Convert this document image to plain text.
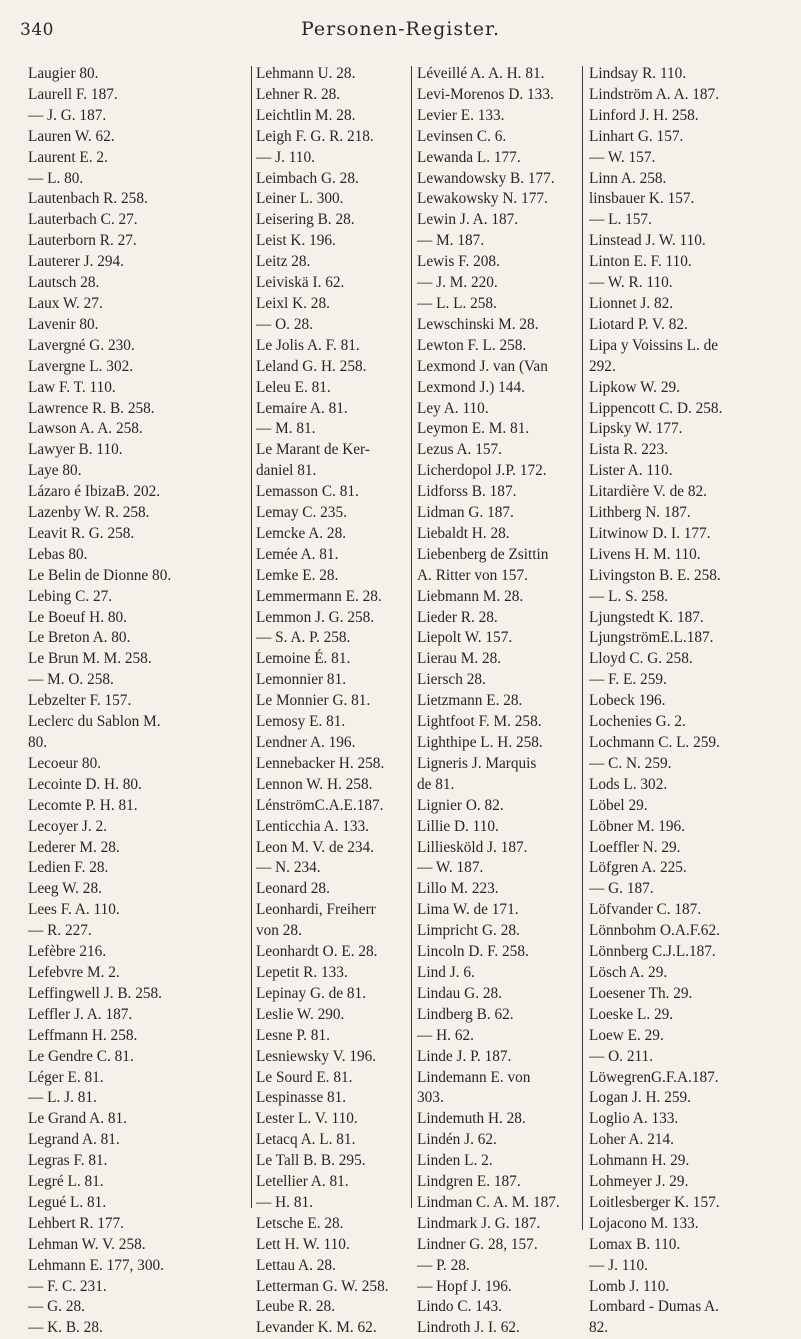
340	Personen-Register.
Laugier 80.
Laurell F. 187.
— J. G. 187.
Lauren W. 62.
Laurent E. 2.
— L. 80.
Lautenbach R. 258.
Lauterbach C. 27.
Lauterborn R. 27.
Lauterer J. 294.
Lautsch 28.
Laux W. 27.
Lavenir 80.
Lavergné G. 230.
Lavergne L. 302.
Law F. T. 110.
Lawrence R. B. 258.
Lawson A. A. 258.
Lawyer B. 110.
Laye 80.
Lázaro é IbizaB. 202.
Lazenby W. R. 258.
Leavit R. G. 258.
Lebas 80.
Le Belin de Dionne 80.
Lebing C. 27.
Le Boeuf H. 80.
Le Breton A. 80.
Le Brun M. M. 258.
— M. O. 258.
Lebzelter F. 157.
Leclerc du Sablon M.
80.
Lecoeur 80.
Lecointe D. H. 80.
Lecomte P. H. 81.
Lecoyer J. 2.
Lederer M. 28.
Ledien F. 28.
Leeg W. 28.
Lees F. A. 110.
— R. 227.
Lefèbre 216.
Lefebvre M. 2.
Leffingwell J. B. 258.
Leffler J. A. 187.
Leffmann H. 258.
Le Gendre C. 81.
Léger E. 81.
— L. J. 81.
Le Grand A. 81.
Legrand A. 81.
Legras F. 81.
Legré L. 81.
Legué L. 81.
Lehbert R. 177.
Lehman W. V. 258.
Lehmann E. 177, 300.
— F. C. 231.
— G. 28.
— K. B. 28.
Lehmann U. 28.
Lehner R. 28.
Leichtlin M. 28.
Leigh F. G. R. 218.
— J. 110.
Leimbach G. 28.
Leiner L. 300.
Leisering B. 28.
Leist K. 196.
Leitz 28.
Leiviskä I. 62.
Leixl K. 28.
— O. 28.
Le Jolis A. F. 81.
Leland G. H. 258.
Leleu E. 81.
Lemaire A. 81.
— M. 81.
Le Marant de Ker-
daniel 81.
Lemasson C. 81.
Lemay C. 235.
Lemcke A. 28.
Lemée A. 81.
Lemke E. 28.
Lemmermann E. 28.
Lemmon J. G. 258.
— S. A. P. 258.
Lemoine É. 81.
Lemonnier 81.
Le Monnier G. 81.
Lemosy E. 81.
Lendner A. 196.
Lennebacker H. 258.
Lennon W. H. 258.
LénströmC.A.E.187.
Lenticchia A. 133.
Leon M. V. de 234.
— N. 234.
Leonard 28.
Leonhardi, Freiherr
von 28.
Leonhardt O. E. 28.
Lepetit R. 133.
Lepinay G. de 81.
Leslie W. 290.
Lesne P. 81.
Lesniewsky V. 196.
Le Sourd E. 81.
Lespinasse 81.
Lester L. V. 110.
Letacq A. L. 81.
Le Tall B. B. 295.
Letellier A. 81.
— H. 81.
Letsche E. 28.
Lett H. W. 110.
Lettau A. 28.
Letterman G. W. 258.
Leube R. 28.
Levander K. M. 62.
Léveillé A. A. H. 81.
Levi-Morenos D. 133.
Levier E. 133.
Levinsen C. 6.
Lewanda L. 177.
Lewandowsky B. 177.
Lewakowsky N. 177.
Lewin J. A. 187.
— M. 187.
Lewis F. 208.
— J. M. 220.
— L. L. 258.
Lewschinski M. 28.
Lewton F. L. 258.
Lexmond J. van (Van
Lexmond J.) 144.
Ley A. 110.
Leymon E. M. 81.
Lezus A. 157.
Licherdopol J.P. 172.
Lidforss B. 187.
Lidman G. 187.
Liebaldt H. 28.
Liebenberg de Zsittin
A. Ritter von 157.
Liebmann M. 28.
Lieder R. 28.
Liepolt W. 157.
Lierau M. 28.
Liersch 28.
Lietzmann E. 28.
Lightfoot F. M. 258.
Lighthipe L. H. 258.
Ligneris J. Marquis
de 81.
Lignier O. 82.
Lillie D. 110.
Lilliesköld J. 187.
— W. 187.
Lillo M. 223.
Lima W. de 171.
Limpricht G. 28.
Lincoln D. F. 258.
Lind J. 6.
Lindau G. 28.
Lindberg B. 62.
— H. 62.
Linde J. P. 187.
Lindemann E. von
303.
Lindemuth H. 28.
Lindén J. 62.
Linden L. 2.
Lindgren E. 187.
Lindman C. A. M. 187.
Lindmark J. G. 187.
Lindner G. 28, 157.
— P. 28.
— Hopf J. 196.
Lindo C. 143.
Lindroth J. I. 62.
Lindsay R. 110.
Lindström A. A. 187.
Linford J. H. 258.
Linhart G. 157.
— W. 157.
Linn A. 258.
linsbauer K. 157.
— L. 157.
Linstead J. W. 110.
Linton E. F. 110.
— W. R. 110.
Lionnet J. 82.
Liotard P. V. 82.
Lipa y Voissins L. de
292.
Lipkow W. 29.
Lippencott C. D. 258.
Lipsky W. 177.
Lista R. 223.
Lister A. 110.
Litardière V. de 82.
Lithberg N. 187.
Litwinow D. I. 177.
Livens H. M. 110.
Livingston B. E. 258.
— L. S. 258.
Ljungstedt K. 187.
LjungströmE.L.187.
Lloyd C. G. 258.
— F. E. 259.
Lobeck 196.
Lochenies G. 2.
Lochmann C. L. 259.
— C. N. 259.
Lods L. 302.
Löbel 29.
Löbner M. 196.
Loeffler N. 29.
Löfgren A. 225.
— G. 187.
Löfvander C. 187.
Lönnbohm O.A.F.62.
Lönnberg C.J.L.187.
Lösch A. 29.
Loesener Th. 29.
Loeske L. 29.
Loew E. 29.
— O. 211.
LöwegrenG.F.A.187.
Logan J. H. 259.
Loglio A. 133.
Loher A. 214.
Lohmann H. 29.
Lohmeyer J. 29.
Loitlesberger K. 157.
Lojacono M. 133.
Lomax B. 110.
— J. 110.
Lomb J. 110.
Lombard - Dumas A.
82.
